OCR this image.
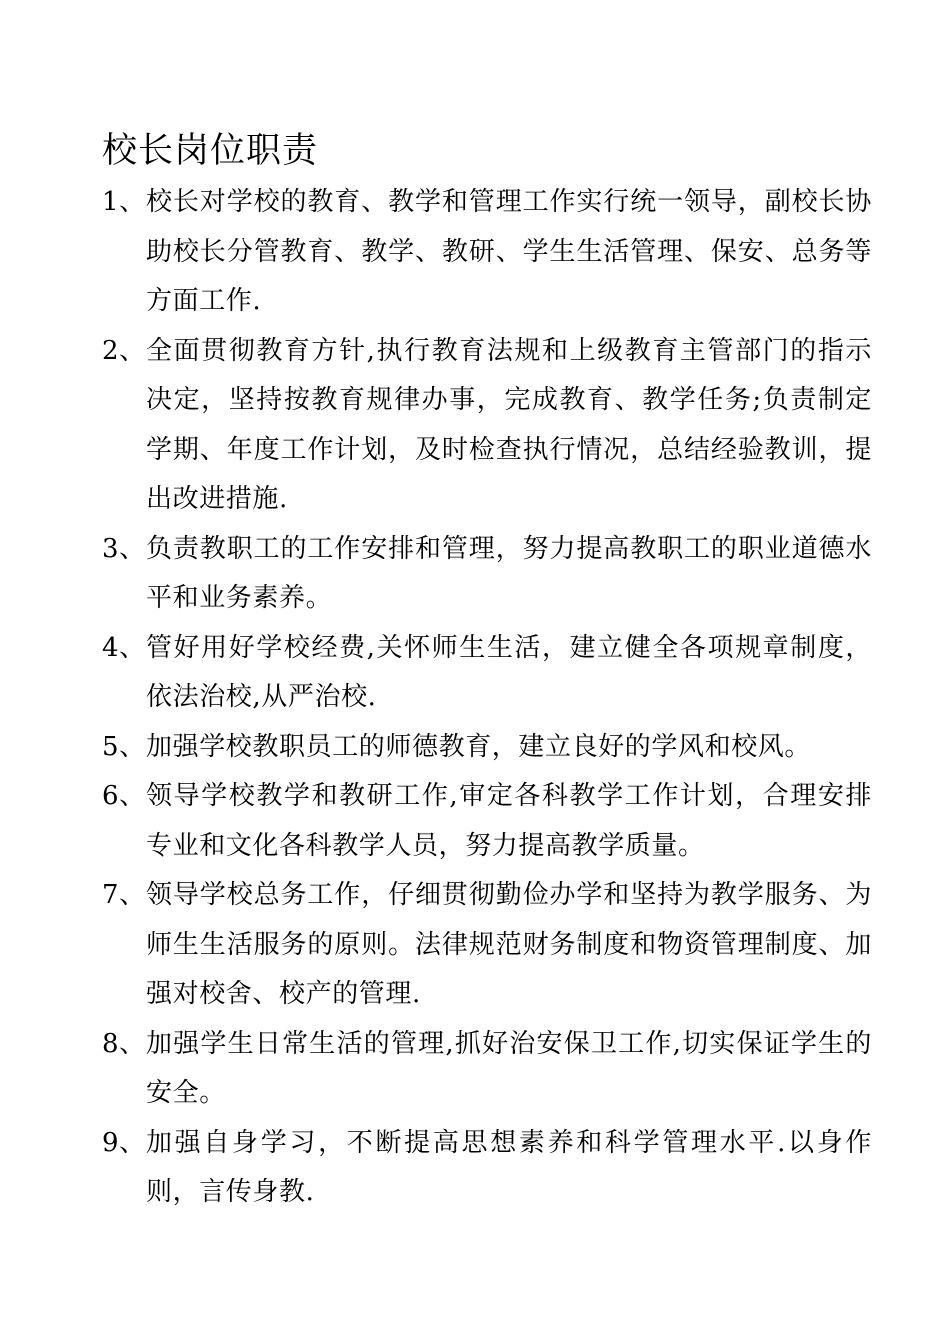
校长岗位职责
1、 校长对学校的教育、教学和管理工作实行统一领导，副校长协助校长分管教育、教学、教研、学生生活管理、保安、总务等方面工作.
2、 全面贯彻教育方针,执行教育法规和上级教育主管部门的指示决定，坚持按教育规律办事，完成教育、教学任务;负责制定学期、年度工作计划，及时检查执行情况，总结经验教训，提出改进措施.
3、 负责教职工的工作安排和管理，努力提高教职工的职业道德水平和业务素养。
4、 管好用好学校经费,关怀师生生活，建立健全各项规章制度，依法治校,从严治校.
5、 加强学校教职员工的师德教育，建立良好的学风和校风。
6、 领导学校教学和教研工作,审定各科教学工作计划，合理安排专业和文化各科教学人员，努力提高教学质量。
7、 领导学校总务工作，仔细贯彻勤俭办学和坚持为教学服务、为师生生活服务的原则。法律规范财务制度和物资管理制度、加强对校舍、校产的管理.
8、 加强学生日常生活的管理,抓好治安保卫工作,切实保证学生的安全。
9、 加强自身学习，不断提高思想素养和科学管理水平.以身作则，言传身教.
